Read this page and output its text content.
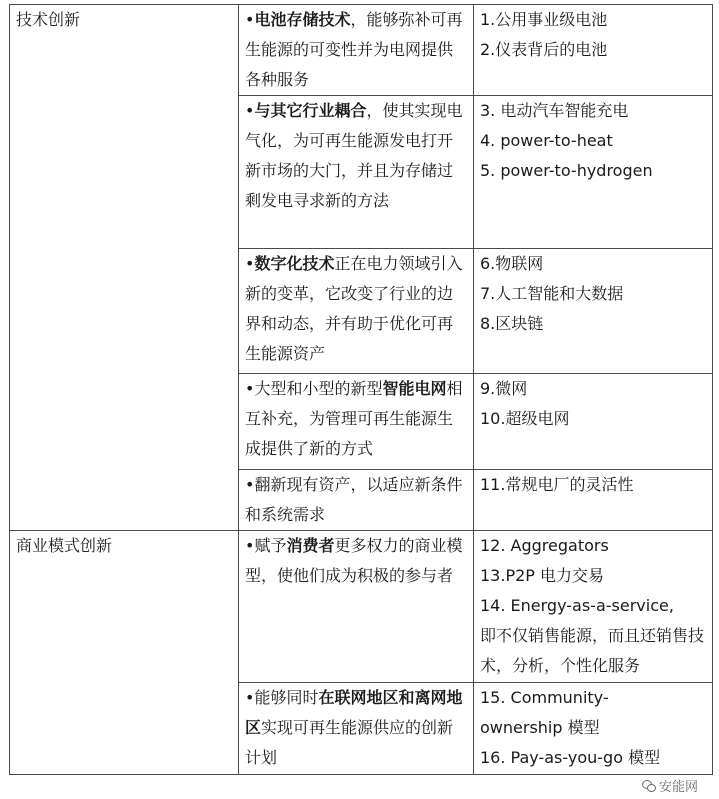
技术创新	•电池存储技术，能够弥补可再生能源的可变性并为电网提供各种服务	1.公用事业级电池
2.仪表背后的电池

	•与其它行业耦合，使其实现电气化，为可再生能源发电打开新市场的大门，并且为存储过剩发电寻求新的方法	3. 电动汽车智能充电
4. power-to-heat
5. power-to-hydrogen

	•数字化技术正在电力领域引入新的变革，它改变了行业的边界和动态，并有助于优化可再生能源资产	6.物联网
7.人工智能和大数据
8.区块链

	•大型和小型的新型智能电网相互补充，为管理可再生能源生成提供了新的方式	9.微网
10.超级电网

	•翻新现有资产，以适应新条件和系统需求	11.常规电厂的灵活性

商业模式创新	•赋予消费者更多权力的商业模型，使他们成为积极的参与者	12. Aggregators
13.P2P 电力交易
14. Energy-as-a-service,
即不仅销售能源，而且还销售技术，分析，个性化服务

	•能够同时在联网地区和离网地区实现可再生能源供应的创新计划	15. Community-
ownership 模型
16. Pay-as-you-go 模型
安能网
